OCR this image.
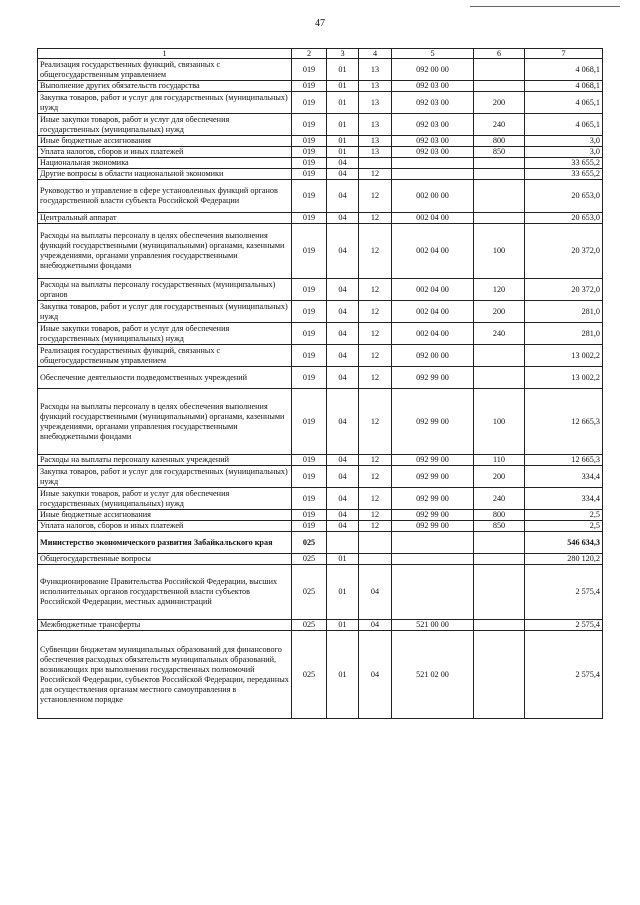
47
1	2	3	4	5	6	7
Реализация государственных функций, связанных с общегосударственным управлением	019	01	13	092 00 00		4 068,1
Выполнение других обязательств государства	019	01	13	092 03 00		4 068,1
Закупка товаров, работ и услуг для государственных (муниципальных) нужд	019	01	13	092 03 00	200	4 065,1
Иные закупки товаров, работ и услуг для обеспечения государственных (муниципальных) нужд	019	01	13	092 03 00	240	4 065,1
Иные бюджетные ассигнования	019	01	13	092 03 00	800	3,0
Уплата налогов, сборов и иных платежей	019	01	13	092 03 00	850	3,0
Национальная экономика	019	04				33 655,2
Другие вопросы в области национальной экономики	019	04	12			33 655,2
Руководство и управление в сфере установленных функций органов государственной власти субъекта Российской Федерации	019	04	12	002 00 00		20 653,0
Центральный аппарат	019	04	12	002 04 00		20 653,0
Расходы на выплаты персоналу в целях обеспечения выполнения функций государственными (муниципальными) органами, казенными учреждениями, органами управления государственными внебюджетными фондами	019	04	12	002 04 00	100	20 372,0
Расходы на выплаты персоналу государственных (муниципальных) органов	019	04	12	002 04 00	120	20 372,0
Закупка товаров, работ и услуг для государственных (муниципальных) нужд	019	04	12	002 04 00	200	281,0
Иные закупки товаров, работ и услуг для обеспечения государственных (муниципальных) нужд	019	04	12	002 04 00	240	281,0
Реализация государственных функций, связанных с общегосударственным управлением	019	04	12	092 00 00		13 002,2
Обеспечение деятельности подведомственных учреждений	019	04	12	092 99 00		13 002,2
Расходы на выплаты персоналу в целях обеспечения выполнения функций государственными (муниципальными) органами, казенными учреждениями, органами управления государственными внебюджетными фондами	019	04	12	092 99 00	100	12 665,3
Расходы на выплаты персоналу казенных учреждений	019	04	12	092 99 00	110	12 665,3
Закупка товаров, работ и услуг для государственных (муниципальных) нужд	019	04	12	092 99 00	200	334,4
Иные закупки товаров, работ и услуг для обеспечения государственных (муниципальных) нужд	019	04	12	092 99 00	240	334,4
Иные бюджетные ассигнования	019	04	12	092 99 00	800	2,5
Уплата налогов, сборов и иных платежей	019	04	12	092 99 00	850	2,5
Министерство экономического развития Забайкальского края	025					546 634,3
Общегосударственные вопросы	025	01				280 120,2
Функционирование Правительства Российской Федерации, высших исполнительных органов государственной власти субъектов Российской Федерации, местных администраций	025	01	04			2 575,4
Межбюджетные трансферты	025	01	04	521 00 00		2 575,4
Субвенции бюджетам муниципальных образований для финансового обеспечения расходных обязательств муниципальных образований, возникающих при выполнении государственных полномочий Российской Федерации, субъектов Российской Федерации, переданных для осуществления органам местного самоуправления в установленном порядке	025	01	04	521 02 00		2 575,4
